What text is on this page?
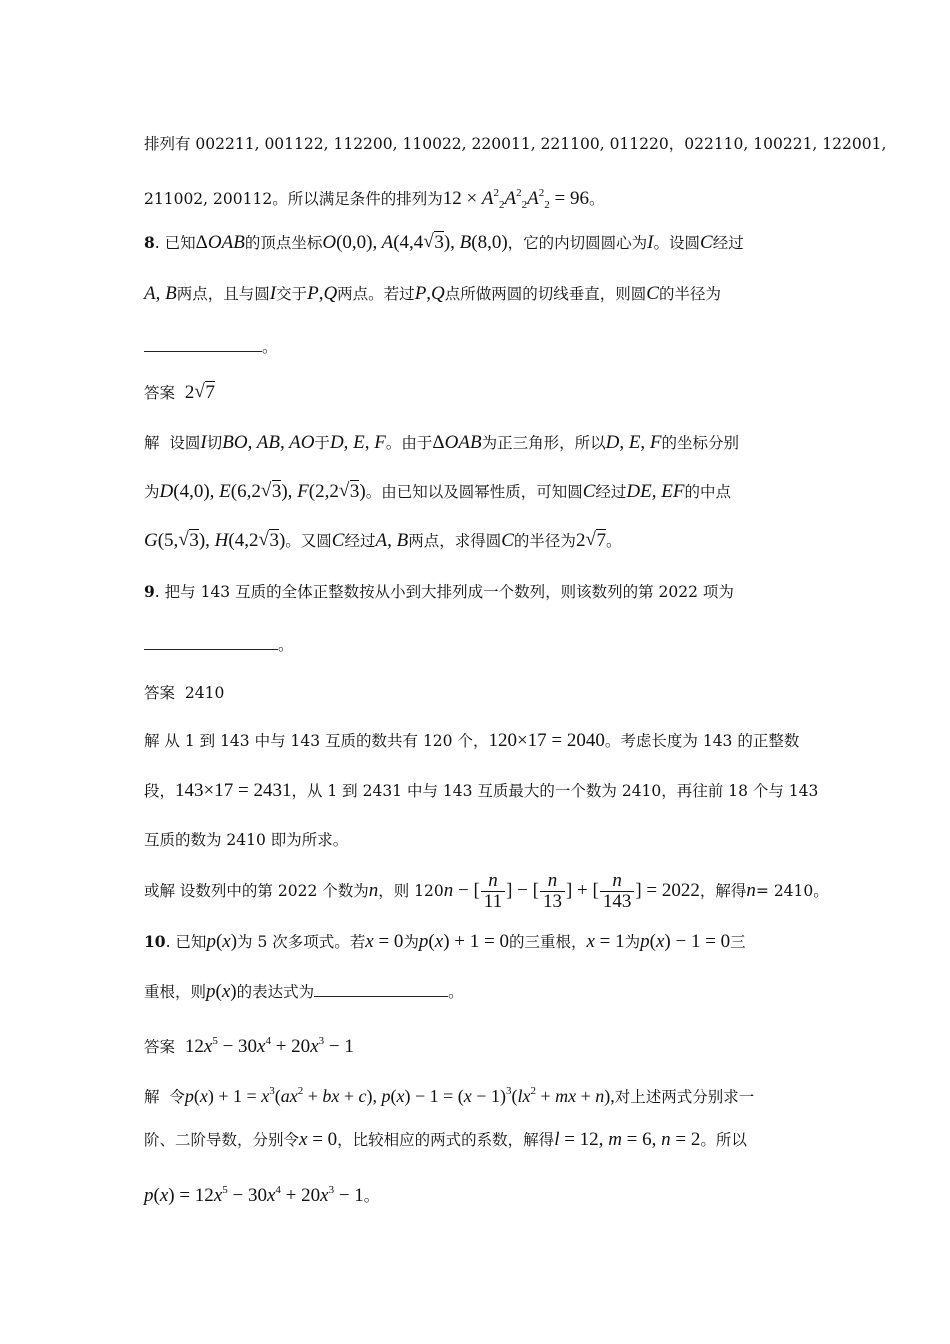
排列有 002211, 001122, 112200, 110022, 220011, 221100, 011220，022110, 100221, 122001,
211002, 200112。所以满足条件的排列为$12 \times A^2_2A^2_2A^2_2 = 96$。
8. 已知ΔOAB的顶点坐标O(0,0), A(4,4 √ 3), B(8,0)，它的内切圆圆心为I。设圆C经过
A, B两点，且与圆I交于P,Q两点。若过P,Q点所做两圆的切线垂直，则圆C的半径为
。
答案 2 √ 7
解 设圆I切BO, AB, AO于D, E, F。由于ΔOAB为正三角形，所以D, E, F的坐标分别
为D(4,0), E(6,2 √ 3), F(2,2 √ 3)。由已知以及圆幂性质，可知圆C经过DE, EF的中点
G(5, √ 3), H(4,2 √ 3)。又圆C经过A, B两点，求得圆C的半径为2 √ 7。
9. 把与 143 互质的全体正整数按从小到大排列成一个数列，则该数列的第 2022 项为
。
答案 2410
解 从 1 到 143 中与 143 互质的数共有 120 个，120×17 = 2040。考虑长度为 143 的正整数
段，143×17 = 2431，从 1 到 2431 中与 143 互质最大的一个数为 2410，再往前 18 个与 143
互质的数为 2410 即为所求。
或解 设数列中的第 2022 个数为n，则 120n − [ $\frac{n}{11}$ ] − [ $\frac{n}{13}$ ] + [ $\frac{n}{143}$ ] = 2022，解得n= 2410。
10. 已知p(x)为 5 次多项式。若x = 0为p(x) + 1 = 0的三重根，x = 1为p(x) − 1 = 0三
重根，则p(x)的表达式为	。
答案 $12x^5 - 30x^4 + 20x^3 - 1$
解 令$p(x) + 1 = x^3(ax^2$ + bx + c), $p(x) - 1 = (x - 1)^3(lx^2$ + mx + n),对上述两式分别求一
阶、二阶导数，分别令x = 0，比较相应的两式的系数，解得l = 12, m = 6, n = 2。所以
$p(x) = 12x^5 - 30x^4 + 20x^3 - 1$。
